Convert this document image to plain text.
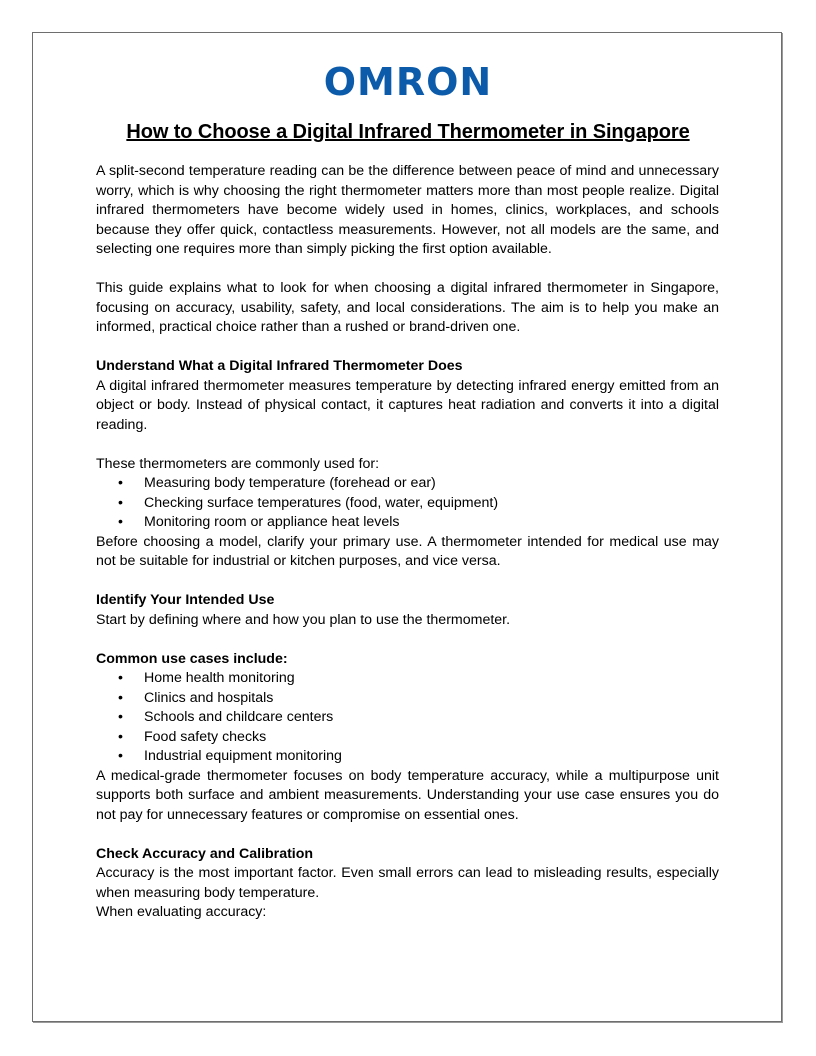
OMRON
How to Choose a Digital Infrared Thermometer in Singapore

A split-second temperature reading can be the difference between peace of mind and unnecessary worry, which is why choosing the right thermometer matters more than most people realize. Digital infrared thermometers have become widely used in homes, clinics, workplaces, and schools because they offer quick, contactless measurements. However, not all models are the same, and selecting one requires more than simply picking the first option available.

This guide explains what to look for when choosing a digital infrared thermometer in Singapore, focusing on accuracy, usability, safety, and local considerations. The aim is to help you make an informed, practical choice rather than a rushed or brand-driven one.

Understand What a Digital Infrared Thermometer Does

A digital infrared thermometer measures temperature by detecting infrared energy emitted from an object or body. Instead of physical contact, it captures heat radiation and converts it into a digital reading.

These thermometers are commonly used for:

• Measuring body temperature (forehead or ear)
• Checking surface temperatures (food, water, equipment)
• Monitoring room or appliance heat levels

Before choosing a model, clarify your primary use. A thermometer intended for medical use may not be suitable for industrial or kitchen purposes, and vice versa.

Identify Your Intended Use

Start by defining where and how you plan to use the thermometer.

Common use cases include:

• Home health monitoring
• Clinics and hospitals
• Schools and childcare centers
• Food safety checks
• Industrial equipment monitoring

A medical-grade thermometer focuses on body temperature accuracy, while a multipurpose unit supports both surface and ambient measurements. Understanding your use case ensures you do not pay for unnecessary features or compromise on essential ones.

Check Accuracy and Calibration

Accuracy is the most important factor. Even small errors can lead to misleading results, especially when measuring body temperature.

When evaluating accuracy:
